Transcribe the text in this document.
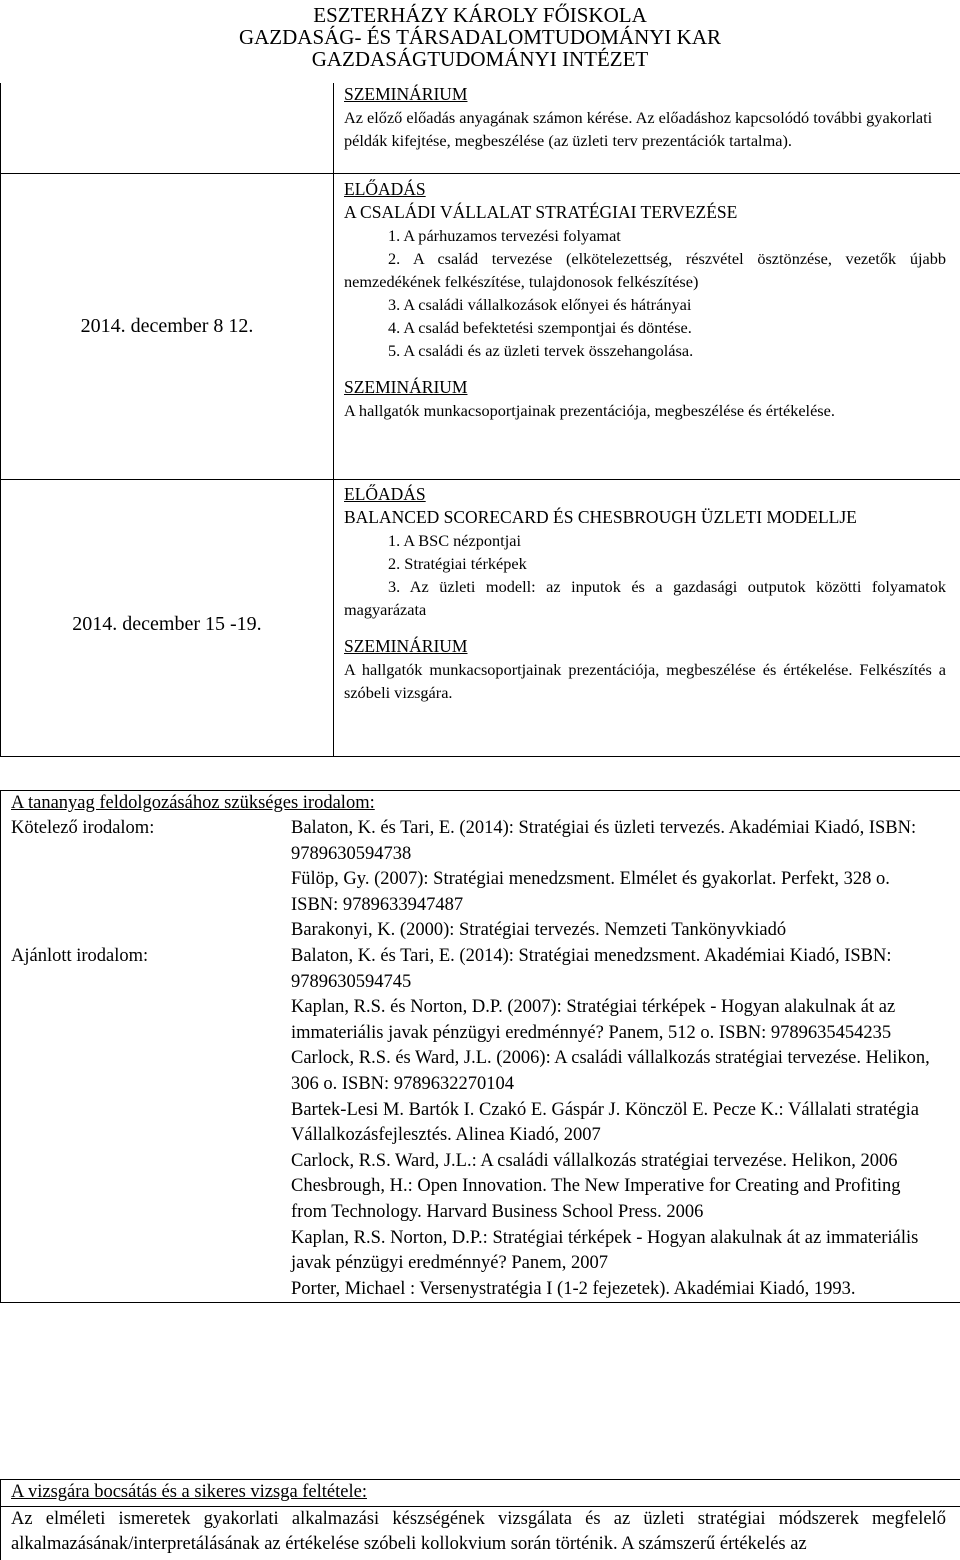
ESZTERHÁZY KÁROLY FŐISKOLA
GAZDASÁG- ÉS TÁRSADALOMTUDOMÁNYI KAR
GAZDASÁGTUDOMÁNYI INTÉZET
SZEMINÁRIUM
Az előző előadás anyagának számon kérése. Az előadáshoz kapcsolódó további gyakorlati példák kifejtése, megbeszélése (az üzleti terv prezentációk tartalma).
2014. december 8 12.
ELŐADÁS
A CSALÁDI VÁLLALAT STRATÉGIAI TERVEZÉSE
1. A párhuzamos tervezési folyamat
2. A család tervezése (elkötelezettség, részvétel ösztönzése, vezetők újabb nemzedékének felkészítése, tulajdonosok felkészítése)
3. A családi vállalkozások előnyei és hátrányai
4. A család befektetési szempontjai és döntése.
5. A családi és az üzleti tervek összehangolása.
SZEMINÁRIUM
A hallgatók munkacsoportjainak prezentációja, megbeszélése és értékelése.
2014. december 15 -19.
ELŐADÁS
BALANCED SCORECARD ÉS CHESBROUGH ÜZLETI MODELLJE
1. A BSC nézpontjai
2. Stratégiai térképek
3. Az üzleti modell: az inputok és a gazdasági outputok közötti folyamatok magyarázata
SZEMINÁRIUM
A hallgatók munkacsoportjainak prezentációja, megbeszélése és értékelése. Felkészítés a szóbeli vizsgára.
A tananyag feldolgozásához szükséges irodalom:
Kötelező irodalom:	Balaton, K. és Tari, E. (2014): Stratégiai és üzleti tervezés. Akadémiai Kiadó, ISBN: 9789630594738

Fülöp, Gy. (2007): Stratégiai menedzsment. Elmélet és gyakorlat. Perfekt, 328 o. ISBN: 9789633947487

Barakonyi, K. (2000): Stratégiai tervezés. Nemzeti Tankönyvkiadó

Ajánlott irodalom:	Balaton, K. és Tari, E. (2014): Stratégiai menedzsment. Akadémiai Kiadó, ISBN: 9789630594745

Kaplan, R.S. és Norton, D.P. (2007): Stratégiai térképek - Hogyan alakulnak át az immateriális javak pénzügyi eredménnyé? Panem, 512 o. ISBN: 9789635454235

Carlock, R.S. és Ward, J.L. (2006): A családi vállalkozás stratégiai tervezése. Helikon, 306 o. ISBN: 9789632270104

Bartek-Lesi M. Bartók I. Czakó E. Gáspár J. Könczöl E. Pecze K.: Vállalati stratégia Vállalkozásfejlesztés. Alinea Kiadó, 2007

Carlock, R.S. Ward, J.L.: A családi vállalkozás stratégiai tervezése. Helikon, 2006

Chesbrough, H.: Open Innovation. The New Imperative for Creating and Profiting from Technology. Harvard Business School Press. 2006

Kaplan, R.S. Norton, D.P.: Stratégiai térképek - Hogyan alakulnak át az immateriális javak pénzügyi eredménnyé? Panem, 2007

Porter, Michael : Versenystratégia I (1-2 fejezetek). Akadémiai Kiadó, 1993.

A vizsgára bocsátás és a sikeres vizsga feltétele:
Az elméleti ismeretek gyakorlati alkalmazási készségének vizsgálata és az üzleti stratégiai módszerek megfelelő alkalmazásának/interpretálásának az értékelése szóbeli kollokvium során történik. A számszerű értékelés az
